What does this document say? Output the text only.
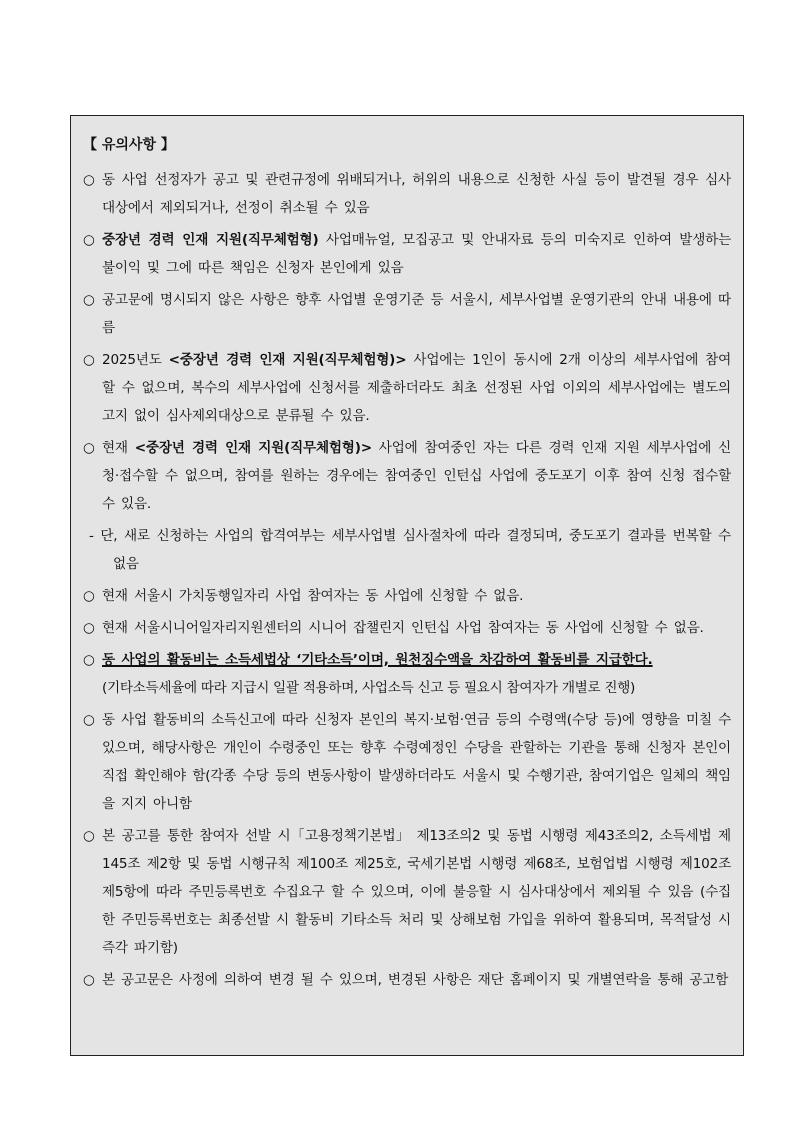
【 유의사항 】

○ 동 사업 선정자가 공고 및 관련규정에 위배되거나, 허위의 내용으로 신청한 사실 등이 발견될 경우 심사대상에서 제외되거나, 선정이 취소될 수 있음

○ 중장년 경력 인재 지원(직무체험형) 사업매뉴얼, 모집공고 및 안내자료 등의 미숙지로 인하여 발생하는 불이익 및 그에 따른 책임은 신청자 본인에게 있음

○ 공고문에 명시되지 않은 사항은 향후 사업별 운영기준 등 서울시, 세부사업별 운영기관의 안내 내용에 따름

○ 2025년도 <중장년 경력 인재 지원(직무체험형)> 사업에는 1인이 동시에 2개 이상의 세부사업에 참여할 수 없으며, 복수의 세부사업에 신청서를 제출하더라도 최초 선정된 사업 이외의 세부사업에는 별도의 고지 없이 심사제외대상으로 분류될 수 있음.

○ 현재 <중장년 경력 인재 지원(직무체험형)> 사업에 참여중인 자는 다른 경력 인재 지원 세부사업에 신청·접수할 수 없으며, 참여를 원하는 경우에는 참여중인 인턴십 사업에 중도포기 이후 참여 신청 접수할 수 있음.

- 단, 새로 신청하는 사업의 합격여부는 세부사업별 심사절차에 따라 결정되며, 중도포기 결과를 번복할 수 없음

○ 현재 서울시 가치동행일자리 사업 참여자는 동 사업에 신청할 수 없음.

○ 현재 서울시니어일자리지원센터의 시니어 잡챌린지 인턴십 사업 참여자는 동 사업에 신청할 수 없음.

○ 동 사업의 활동비는 소득세법상 ‘기타소득’이며, 원천징수액을 차감하여 활동비를 지급한다.

(기타소득세율에 따라 지급시 일괄 적용하며, 사업소득 신고 등 필요시 참여자가 개별로 진행)

○ 동 사업 활동비의 소득신고에 따라 신청자 본인의 복지·보험·연금 등의 수령액(수당 등)에 영향을 미칠 수 있으며, 해당사항은 개인이 수령중인 또는 향후 수령예정인 수당을 관할하는 기관을 통해 신청자 본인이 직접 확인해야 함(각종 수당 등의 변동사항이 발생하더라도 서울시 및 수행기관, 참여기업은 일체의 책임을 지지 아니함

○ 본 공고를 통한 참여자 선발 시「고용정책기본법」 제13조의2 및 동법 시행령 제43조의2, 소득세법 제145조 제2항 및 동법 시행규칙 제100조 제25호, 국세기본법 시행령 제68조, 보험업법 시행령 제102조 제5항에 따라 주민등록번호 수집요구 할 수 있으며, 이에 불응할 시 심사대상에서 제외될 수 있음 (수집한 주민등록번호는 최종선발 시 활동비 기타소득 처리 및 상해보험 가입을 위하여 활용되며, 목적달성 시 즉각 파기함)

○ 본 공고문은 사정에 의하여 변경 될 수 있으며, 변경된 사항은 재단 홈페이지 및 개별연락을 통해 공고함
